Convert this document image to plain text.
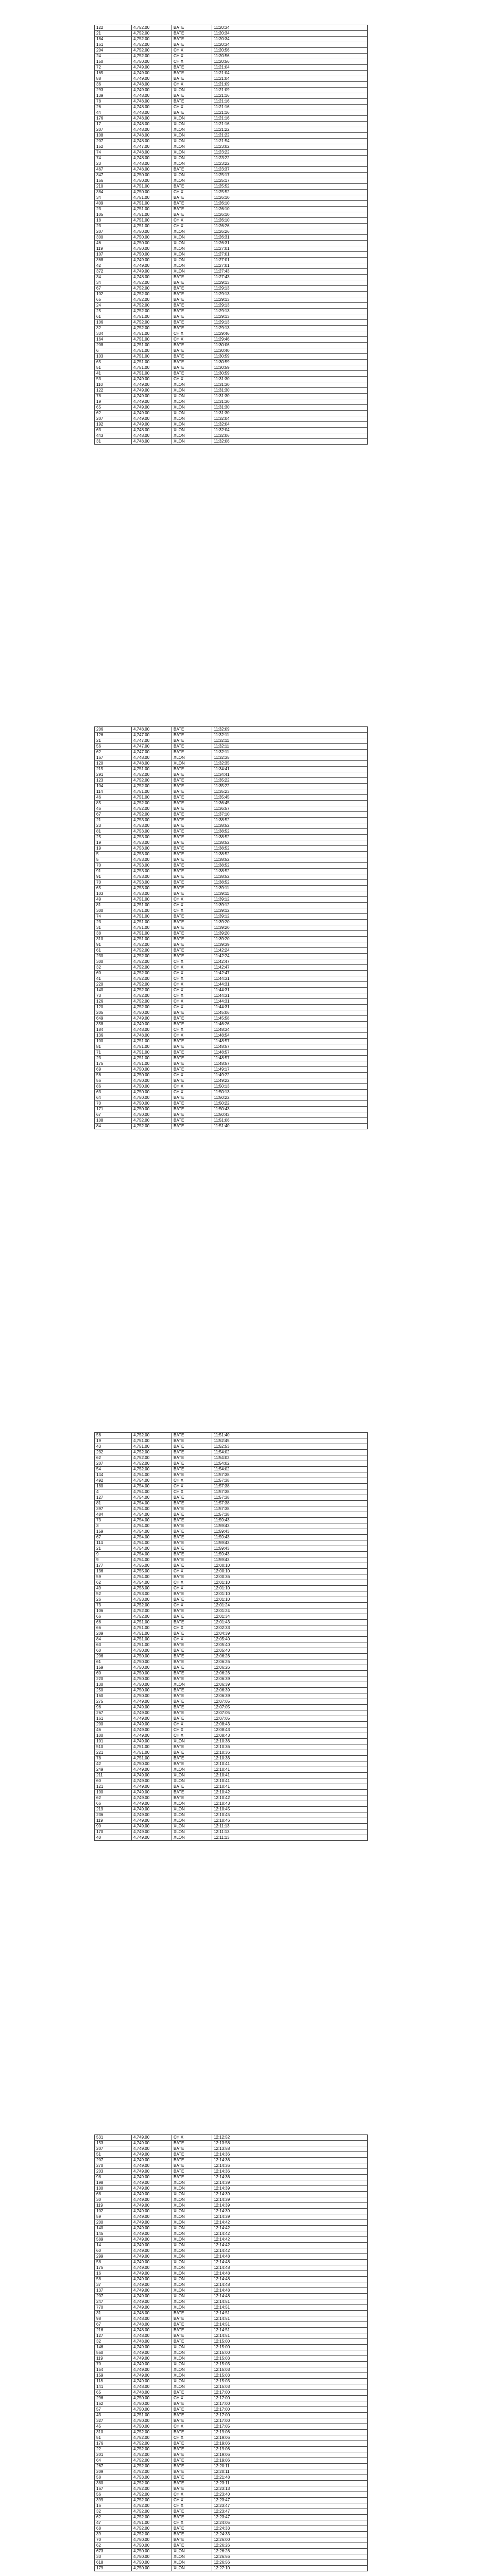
122	4,752.00	BATE	11:20:34
21	4,752.00	BATE	11:20:34
184	4,752.00	BATE	11:20:34
161	4,752.00	BATE	11:20:34
204	4,752.00	CHIX	11:20:56
24	4,752.00	CHIX	11:20:56
150	4,750.00	CHIX	11:20:56
72	4,749.00	BATE	11:21:04
165	4,749.00	BATE	11:21:04
88	4,749.00	BATE	11:21:04
36	4,748.00	CHIX	11:21:09
293	4,749.00	XLON	11:21:09
139	4,748.00	BATE	11:21:16
78	4,748.00	BATE	11:21:16
26	4,748.00	CHIX	11:21:16
44	4,748.00	BATE	11:21:16
176	4,748.00	XLON	11:21:16
17	4,748.00	XLON	11:21:16
207	4,748.00	XLON	11:21:22
108	4,748.00	XLON	11:21:22
207	4,748.00	XLON	11:21:54
152	4,747.00	XLON	11:23:02
74	4,748.00	XLON	11:23:22
74	4,748.00	XLON	11:23:22
23	4,748.00	XLON	11:23:22
467	4,748.00	BATE	11:23:37
347	4,750.00	XLON	11:25:17
166	4,750.00	XLON	11:25:17
210	4,751.00	BATE	11:25:52
384	4,750.00	CHIX	11:25:52
34	4,751.00	BATE	11:26:10
409	4,751.00	BATE	11:26:10
23	4,751.00	BATE	11:26:10
105	4,751.00	BATE	11:26:10
18	4,751.00	CHIX	11:26:10
23	4,751.00	CHIX	11:26:26
207	4,750.00	XLON	11:26:26
300	4,750.00	XLON	11:26:31
46	4,750.00	XLON	11:26:31
119	4,750.00	XLON	11:27:01
107	4,750.00	XLON	11:27:01
368	4,749.00	XLON	11:27:01
42	4,749.00	XLON	11:27:01
372	4,749.00	XLON	11:27:43
34	4,748.00	BATE	11:27:43
34	4,752.00	BATE	11:29:13
67	4,752.00	BATE	11:29:13
102	4,752.00	BATE	11:29:13
65	4,752.00	BATE	11:29:13
24	4,752.00	BATE	11:29:13
25	4,752.00	BATE	11:29:13
61	4,751.00	BATE	11:29:13
106	4,752.00	BATE	11:29:13
32	4,752.00	BATE	11:29:13
334	4,751.00	CHIX	11:29:46
164	4,751.00	CHIX	11:29:46
208	4,751.00	BATE	11:30:06
6	4,751.00	BATE	11:30:40
103	4,751.00	BATE	11:30:59
65	4,751.00	BATE	11:30:59
51	4,751.00	BATE	11:30:59
41	4,751.00	BATE	11:30:59
53	4,749.00	CHIX	11:31:30
110	4,749.00	XLON	11:31:30
122	4,749.00	XLON	11:31:30
78	4,749.00	XLON	11:31:30
19	4,749.00	XLON	11:31:30
65	4,749.00	XLON	11:31:30
62	4,749.00	XLON	11:31:30
207	4,749.00	XLON	11:32:04
192	4,749.00	XLON	11:32:04
63	4,748.00	XLON	11:32:04
443	4,748.00	XLON	11:32:06
31	4,748.00	XLON	11:32:06
206	4,748.00	BATE	11:32:09
126	4,747.00	BATE	11:32:11
21	4,747.00	BATE	11:32:11
56	4,747.00	BATE	11:32:11
62	4,747.00	BATE	11:32:11
167	4,748.00	XLON	11:32:35
120	4,748.00	XLON	11:32:35
215	4,751.00	BATE	11:34:41
291	4,752.00	BATE	11:34:41
123	4,752.00	BATE	11:35:22
104	4,752.00	BATE	11:35:22
114	4,751.00	BATE	11:35:23
46	4,751.00	BATE	11:35:45
85	4,752.00	BATE	11:36:45
46	4,752.00	BATE	11:36:57
67	4,752.00	BATE	11:37:10
21	4,753.00	BATE	11:38:52
23	4,753.00	BATE	11:38:52
81	4,753.00	BATE	11:38:52
25	4,753.00	BATE	11:38:52
19	4,753.00	BATE	11:38:52
19	4,753.00	BATE	11:38:52
5	4,753.00	BATE	11:38:52
5	4,753.00	BATE	11:38:52
70	4,753.00	BATE	11:38:52
91	4,753.00	BATE	11:38:52
91	4,753.00	BATE	11:38:52
70	4,753.00	BATE	11:38:52
65	4,753.00	BATE	11:39:11
103	4,753.00	BATE	11:39:11
49	4,751.00	CHIX	11:39:12
81	4,751.00	CHIX	11:39:12
300	4,751.00	CHIX	11:39:12
74	4,751.00	BATE	11:39:12
23	4,751.00	BATE	11:39:20
31	4,751.00	BATE	11:39:20
38	4,751.00	BATE	11:39:20
310	4,751.00	BATE	11:39:20
91	4,752.00	BATE	11:39:39
61	4,752.00	BATE	11:42:24
230	4,752.00	BATE	11:42:24
300	4,752.00	CHIX	11:42:47
32	4,752.00	CHIX	11:42:47
60	4,752.00	CHIX	11:42:47
41	4,752.00	CHIX	11:44:31
220	4,752.00	CHIX	11:44:31
140	4,752.00	CHIX	11:44:31
73	4,752.00	CHIX	11:44:31
126	4,752.00	CHIX	11:44:31
120	4,752.00	CHIX	11:44:31
205	4,750.00	BATE	11:45:06
649	4,749.00	BATE	11:45:58
358	4,749.00	BATE	11:46:26
184	4,748.00	CHIX	11:48:34
136	4,748.00	CHIX	11:48:54
100	4,751.00	BATE	11:48:57
81	4,751.00	BATE	11:48:57
71	4,751.00	BATE	11:48:57
23	4,751.00	BATE	11:48:57
175	4,751.00	BATE	11:48:57
69	4,750.00	BATE	11:49:17
56	4,750.00	CHIX	11:49:22
56	4,750.00	BATE	11:49:22
86	4,750.00	CHIX	11:50:13
63	4,750.00	CHIX	11:50:13
64	4,750.00	BATE	11:50:22
70	4,750.00	BATE	11:50:22
171	4,750.00	BATE	11:50:43
67	4,750.00	BATE	11:50:43
108	4,752.00	BATE	11:51:06
84	4,752.00	BATE	11:51:40
56	4,752.00	BATE	11:51:40
19	4,751.00	BATE	11:52:45
43	4,751.00	BATE	11:52:53
232	4,752.00	BATE	11:54:02
62	4,752.00	BATE	11:54:02
207	4,752.00	BATE	11:54:02
54	4,752.00	BATE	11:54:02
144	4,754.00	BATE	11:57:38
492	4,754.00	CHIX	11:57:38
180	4,754.00	CHIX	11:57:38
4	4,754.00	CHIX	11:57:38
127	4,754.00	BATE	11:57:38
81	4,754.00	BATE	11:57:38
397	4,754.00	BATE	11:57:38
484	4,754.00	BATE	11:57:38
73	4,754.00	BATE	11:59:43
3	4,754.00	BATE	11:59:43
159	4,754.00	BATE	11:59:43
67	4,754.00	BATE	11:59:43
114	4,754.00	BATE	11:59:43
21	4,754.00	BATE	11:59:43
9	4,754.00	BATE	11:59:43
9	4,754.00	BATE	11:59:43
177	4,755.00	BATE	12:00:10
136	4,755.00	CHIX	12:00:10
59	4,754.00	BATE	12:00:36
62	4,754.00	CHIX	12:01:10
49	4,753.00	CHIX	12:01:10
52	4,753.00	BATE	12:01:10
26	4,753.00	BATE	12:01:10
73	4,752.00	CHIX	12:01:24
106	4,752.00	BATE	12:01:24
66	4,752.00	BATE	12:01:34
66	4,751.00	BATE	12:01:43
66	4,751.00	CHIX	12:02:33
209	4,751.00	BATE	12:04:39
84	4,751.00	CHIX	12:05:40
63	4,751.00	BATE	12:05:40
60	4,750.00	BATE	12:05:40
206	4,750.00	BATE	12:06:26
61	4,750.00	BATE	12:06:26
159	4,750.00	BATE	12:06:26
60	4,750.00	BATE	12:06:26
220	4,750.00	BATE	12:06:39
130	4,750.00	XLON	12:06:39
250	4,750.00	BATE	12:06:39
160	4,750.00	BATE	12:06:39
275	4,749.00	BATE	12:07:05
96	4,749.00	BATE	12:07:05
267	4,749.00	BATE	12:07:05
161	4,749.00	BATE	12:07:05
200	4,749.00	CHIX	12:08:43
46	4,749.00	CHIX	12:08:43
100	4,749.00	CHIX	12:08:43
101	4,749.00	XLON	12:10:36
510	4,751.00	BATE	12:10:36
221	4,751.00	BATE	12:10:36
78	4,751.00	BATE	12:10:36
42	4,750.00	BATE	12:10:41
249	4,749.00	XLON	12:10:41
211	4,749.00	XLON	12:10:41
60	4,749.00	XLON	12:10:41
121	4,749.00	BATE	12:10:41
100	4,749.00	BATE	12:10:42
62	4,749.00	BATE	12:10:42
66	4,749.00	XLON	12:10:43
219	4,749.00	XLON	12:10:45
236	4,749.00	XLON	12:10:45
119	4,749.00	XLON	12:10:46
90	4,749.00	XLON	12:11:13
170	4,749.00	XLON	12:11:13
40	4,749.00	XLON	12:11:13
531	4,749.00	CHIX	12:12:52
153	4,749.00	BATE	12:13:58
207	4,749.00	BATE	12:13:58
51	4,749.00	BATE	12:14:36
207	4,749.00	BATE	12:14:36
270	4,749.00	BATE	12:14:36
203	4,749.00	BATE	12:14:36
98	4,749.00	BATE	12:14:36
198	4,749.00	XLON	12:14:39
100	4,749.00	XLON	12:14:39
68	4,749.00	XLON	12:14:39
30	4,749.00	XLON	12:14:39
119	4,749.00	XLON	12:14:39
102	4,749.00	XLON	12:14:39
59	4,749.00	XLON	12:14:39
200	4,749.00	XLON	12:14:42
140	4,749.00	XLON	12:14:42
145	4,749.00	XLON	12:14:42
589	4,749.00	XLON	12:14:42
14	4,749.00	XLON	12:14:42
60	4,749.00	XLON	12:14:42
299	4,749.00	XLON	12:14:48
58	4,749.00	XLON	12:14:48
175	4,749.00	XLON	12:14:48
16	4,749.00	XLON	12:14:48
58	4,749.00	XLON	12:14:48
37	4,749.00	XLON	12:14:48
137	4,749.00	XLON	12:14:48
207	4,749.00	XLON	12:14:48
247	4,749.00	XLON	12:14:51
770	4,749.00	XLON	12:14:51
31	4,748.00	BATE	12:14:51
98	4,748.00	BATE	12:14:51
67	4,748.00	BATE	12:14:51
216	4,748.00	BATE	12:14:51
127	4,748.00	BATE	12:14:51
32	4,748.00	BATE	12:15:00
146	4,749.00	XLON	12:15:00
560	4,749.00	XLON	12:15:00
119	4,749.00	XLON	12:15:03
70	4,749.00	XLON	12:15:03
154	4,749.00	XLON	12:15:03
159	4,749.00	XLON	12:15:03
118	4,749.00	XLON	12:15:03
141	4,748.00	XLON	12:15:03
65	4,748.00	BATE	12:17:00
296	4,750.00	CHIX	12:17:00
162	4,750.00	BATE	12:17:00
57	4,750.00	BATE	12:17:00
43	4,751.00	BATE	12:17:00
327	4,750.00	BATE	12:17:00
45	4,750.00	CHIX	12:17:05
310	4,752.00	BATE	12:19:06
51	4,752.00	CHIX	12:19:06
176	4,752.00	BATE	12:19:06
22	4,752.00	BATE	12:19:06
201	4,752.00	BATE	12:19:06
64	4,752.00	BATE	12:19:06
267	4,752.00	BATE	12:20:11
209	4,752.00	BATE	12:20:11
58	4,753.00	BATE	12:21:48
380	4,752.00	BATE	12:23:11
167	4,752.00	BATE	12:23:13
56	4,752.00	CHIX	12:23:40
399	4,752.00	CHIX	12:23:47
16	4,752.00	CHIX	12:23:47
32	4,752.00	BATE	12:23:47
62	4,752.00	BATE	12:23:47
47	4,751.00	CHIX	12:24:05
68	4,752.00	BATE	12:24:33
39	4,752.00	BATE	12:24:33
70	4,750.00	BATE	12:26:00
62	4,750.00	BATE	12:26:26
673	4,750.00	XLON	12:26:26
33	4,750.00	XLON	12:26:56
618	4,750.00	XLON	12:26:56
179	4,750.00	XLON	12:27:10
